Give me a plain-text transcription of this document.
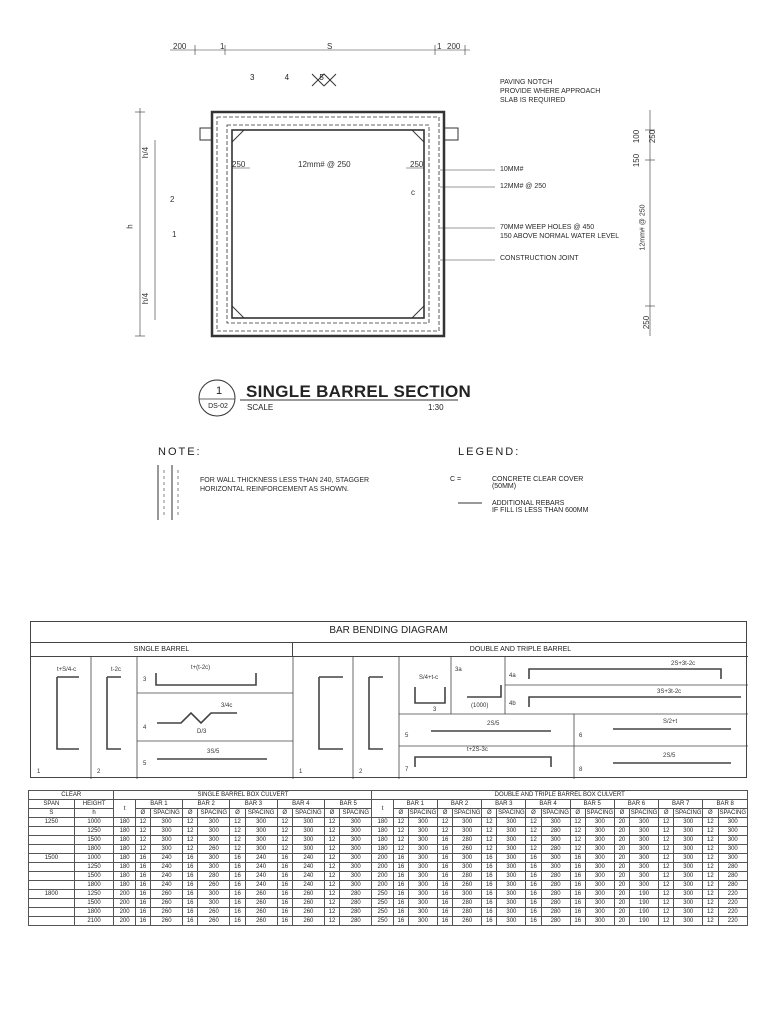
200	1	S	1 200
3 4 5
h/4
h
h/4
2
1
100 250
150
12mm# @ 250
250
12mm# @ 250
250	250
c
PAVING NOTCH
PROVIDE WHERE APPROACH
SLAB IS REQUIRED
10MM#
12MM# @ 250
70MM# WEEP HOLES @ 450
150 ABOVE NORMAL WATER LEVEL
CONSTRUCTION JOINT
1
DS-02
SINGLE BARREL SECTION
SCALE	1:30
NOTE:
FOR WALL THICKNESS LESS THAN 240, STAGGER
HORIZONTAL REINFORCEMENT AS SHOWN.
LEGEND:
C =	CONCRETE CLEAR COVER
(50MM)
ADDITIONAL REBARS
IF FILL IS LESS THAN 600MM
BAR BENDING DIAGRAM
SINGLE BARREL	DOUBLE AND TRIPLE BARREL
1	2
3
4
5
1	2
3
3a
4a
4b
5	6
7	8
t+S/4-c	t-2c	t+(t-2c)
3/4c
D/3
3S/5
S/4+t-c
(1000)
2S+3t-2c
3S+3t-2c
2S/5	S/2+t
t+2S-3c
2S/5
CLEAR		SINGLE BARREL BOX CULVERT											DOUBLE AND TRIPLE BARREL BOX CULVERT																
SPAN	HEIGHT	t	BAR 1		BAR 2		BAR 3		BAR 4		BAR 5		t	BAR 1		BAR 2		BAR 3		BAR 4		BAR 5		BAR 6		BAR 7		BAR 8	
S	h		Ø	SPACING	Ø	SPACING	Ø	SPACING	Ø	SPACING	Ø	SPACING		Ø	SPACING	Ø	SPACING	Ø	SPACING	Ø	SPACING	Ø	SPACING	Ø	SPACING	Ø	SPACING	Ø	SPACING
1250	1000	180	12	300	12	300	12	300	12	300	12	300	180	12	300	12	300	12	300	12	300	12	300	20	300	12	300	12	300
	1250	180	12	300	12	300	12	300	12	300	12	300	180	12	300	12	300	12	300	12	280	12	300	20	300	12	300	12	300
	1500	180	12	300	12	300	12	300	12	300	12	300	180	12	300	16	280	12	300	12	300	12	300	20	300	12	300	12	300
	1800	180	12	300	12	260	12	300	12	300	12	300	180	12	300	16	260	12	300	12	280	12	300	20	300	12	300	12	300
1500	1000	180	16	240	16	300	16	240	16	240	12	300	200	16	300	16	300	16	300	16	300	16	300	20	300	12	300	12	300
	1250	180	16	240	16	300	16	240	16	240	12	300	200	16	300	16	300	16	300	16	300	16	300	20	300	12	300	12	280
	1500	180	16	240	16	280	16	240	16	240	12	300	200	16	300	16	280	16	300	16	280	16	300	20	300	12	300	12	280
	1800	180	16	240	16	260	16	240	16	240	12	300	200	16	300	16	260	16	300	16	280	16	300	20	300	12	300	12	280
1800	1250	200	16	260	16	300	16	260	16	260	12	280	250	16	300	16	300	16	300	16	280	16	300	20	190	12	300	12	220
	1500	200	16	260	16	300	16	260	16	260	12	280	250	16	300	16	280	16	300	16	280	16	300	20	190	12	300	12	220
	1800	200	16	260	16	260	16	260	16	260	12	280	250	16	300	16	280	16	300	16	280	16	300	20	190	12	300	12	220
	2100	200	16	260	16	260	16	260	16	260	12	280	250	16	300	16	260	16	300	16	280	16	300	20	190	12	300	12	220
